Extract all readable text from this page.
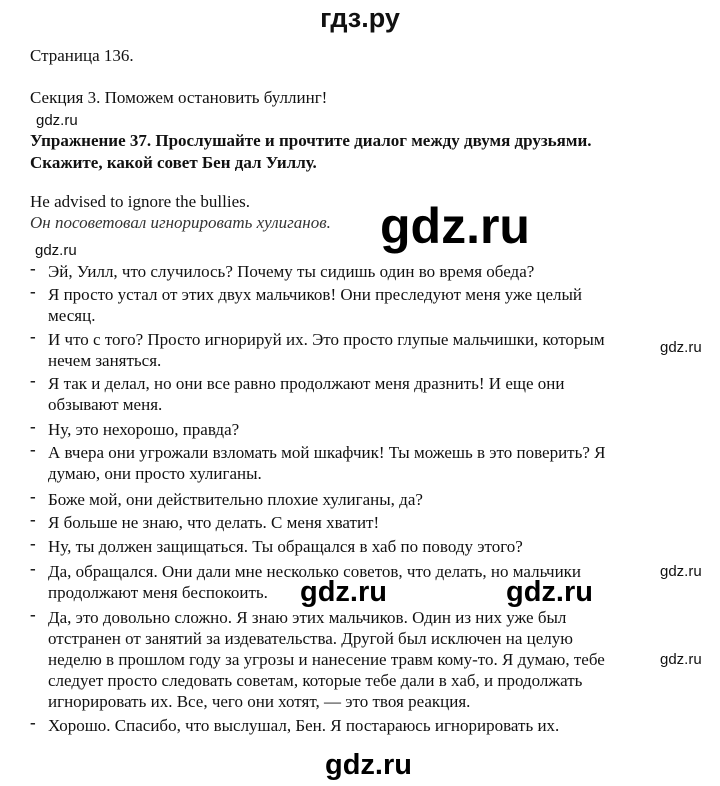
гдз.ру
Страница 136.
Секция 3. Поможем остановить буллинг!
Упражнение 37. Прослушайте и прочтите диалог между двумя друзьями.
Скажите, какой совет Бен дал Уиллу.
He advised to ignore the bullies.
Он посоветовал игнорировать хулиганов.
- Эй, Уилл, что случилось? Почему ты сидишь один во время обеда?
- Я просто устал от этих двух мальчиков! Они преследуют меня уже целый
месяц.
- И что с того? Просто игнорируй их. Это просто глупые мальчишки, которым
нечем заняться.
- Я так и делал, но они все равно продолжают меня дразнить! И еще они
обзывают меня.
- Ну, это нехорошо, правда?
- А вчера они угрожали взломать мой шкафчик! Ты можешь в это поверить? Я
думаю, они просто хулиганы.
- Боже мой, они действительно плохие хулиганы, да?
- Я больше не знаю, что делать. С меня хватит!
- Ну, ты должен защищаться. Ты обращался в хаб по поводу этого?
- Да, обращался. Они дали мне несколько советов, что делать, но мальчики
продолжают меня беспокоить.
- Да, это довольно сложно. Я знаю этих мальчиков. Один из них уже был
отстранен от занятий за издевательства. Другой был исключен на целую
неделю в прошлом году за угрозы и нанесение травм кому-то. Я думаю, тебе
следует просто следовать советам, которые тебе дали в хаб, и продолжать
игнорировать их. Все, чего они хотят, — это твоя реакция.
- Хорошо. Спасибо, что выслушал, Бен. Я постараюсь игнорировать их.
gdz.ru
gdz.ru
gdz.ru
gdz.ru
gdz.ru
gdz.ru	gdz.ru
gdz.ru
gdz.ru
